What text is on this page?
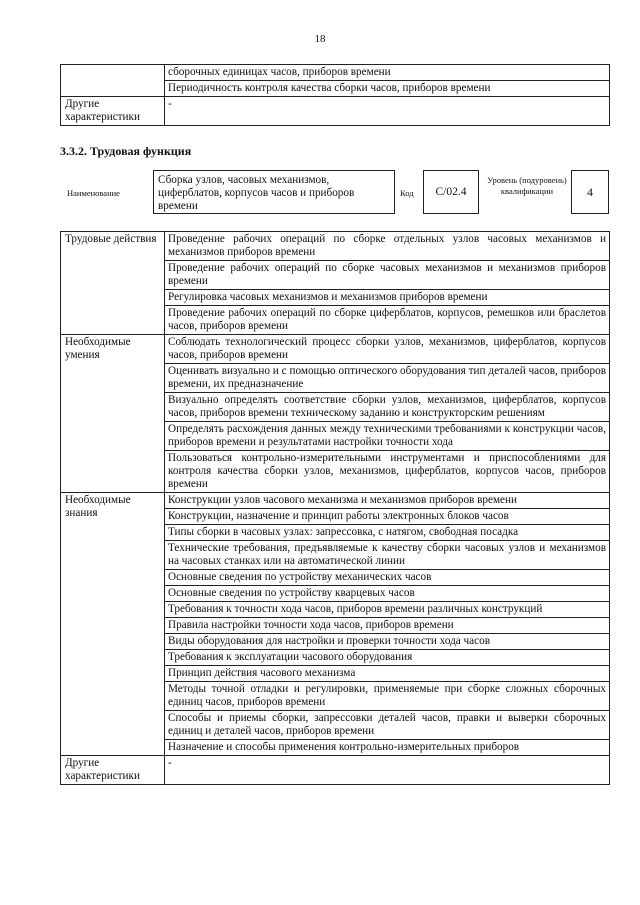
18
	сборочных единицах часов, приборов времени
	Периодичность контроля качества сборки часов, приборов времени
Другие характеристики	-
3.3.2. Трудовая функция
Наименование
Сборка узлов, часовых механизмов, циферблатов, корпусов часов и приборов времени
Код	C/02.4
Уровень (подуровень) квалификации	4
Трудовые действия	Проведение рабочих операций по сборке отдельных узлов часовых механизмов и механизмов приборов времени
	Проведение рабочих операций по сборке часовых механизмов и механизмов приборов времени
	Регулировка часовых механизмов и механизмов приборов времени
	Проведение рабочих операций по сборке циферблатов, корпусов, ремешков или браслетов часов, приборов времени
Необходимые умения	Соблюдать технологический процесс сборки узлов, механизмов, циферблатов, корпусов часов, приборов времени
	Оценивать визуально и с помощью оптического оборудования тип деталей часов, приборов времени, их предназначение
	Визуально определять соответствие сборки узлов, механизмов, циферблатов, корпусов часов, приборов времени техническому заданию и конструкторским решениям
	Определять расхождения данных между техническими требованиями к конструкции часов, приборов времени и результатами настройки точности хода
	Пользоваться контрольно-измерительными инструментами и приспособлениями для контроля качества сборки узлов, механизмов, циферблатов, корпусов часов, приборов времени
Необходимые знания	Конструкции узлов часового механизма и механизмов приборов времени
	Конструкции, назначение и принцип работы электронных блоков часов
	Типы сборки в часовых узлах: запрессовка, с натягом, свободная посадка
	Технические требования, предъявляемые к качеству сборки часовых узлов и механизмов на часовых станках или на автоматической линии
	Основные сведения по устройству механических часов
	Основные сведения по устройству кварцевых часов
	Требования к точности хода часов, приборов времени различных конструкций
	Правила настройки точности хода часов, приборов времени
	Виды оборудования для настройки и проверки точности хода часов
	Требования к эксплуатации часового оборудования
	Принцип действия часового механизма
	Методы точной отладки и регулировки, применяемые при сборке сложных сборочных единиц часов, приборов времени
	Способы и приемы сборки, запрессовки деталей часов, правки и выверки сборочных единиц и деталей часов, приборов времени
	Назначение и способы применения контрольно-измерительных приборов
Другие характеристики	-
